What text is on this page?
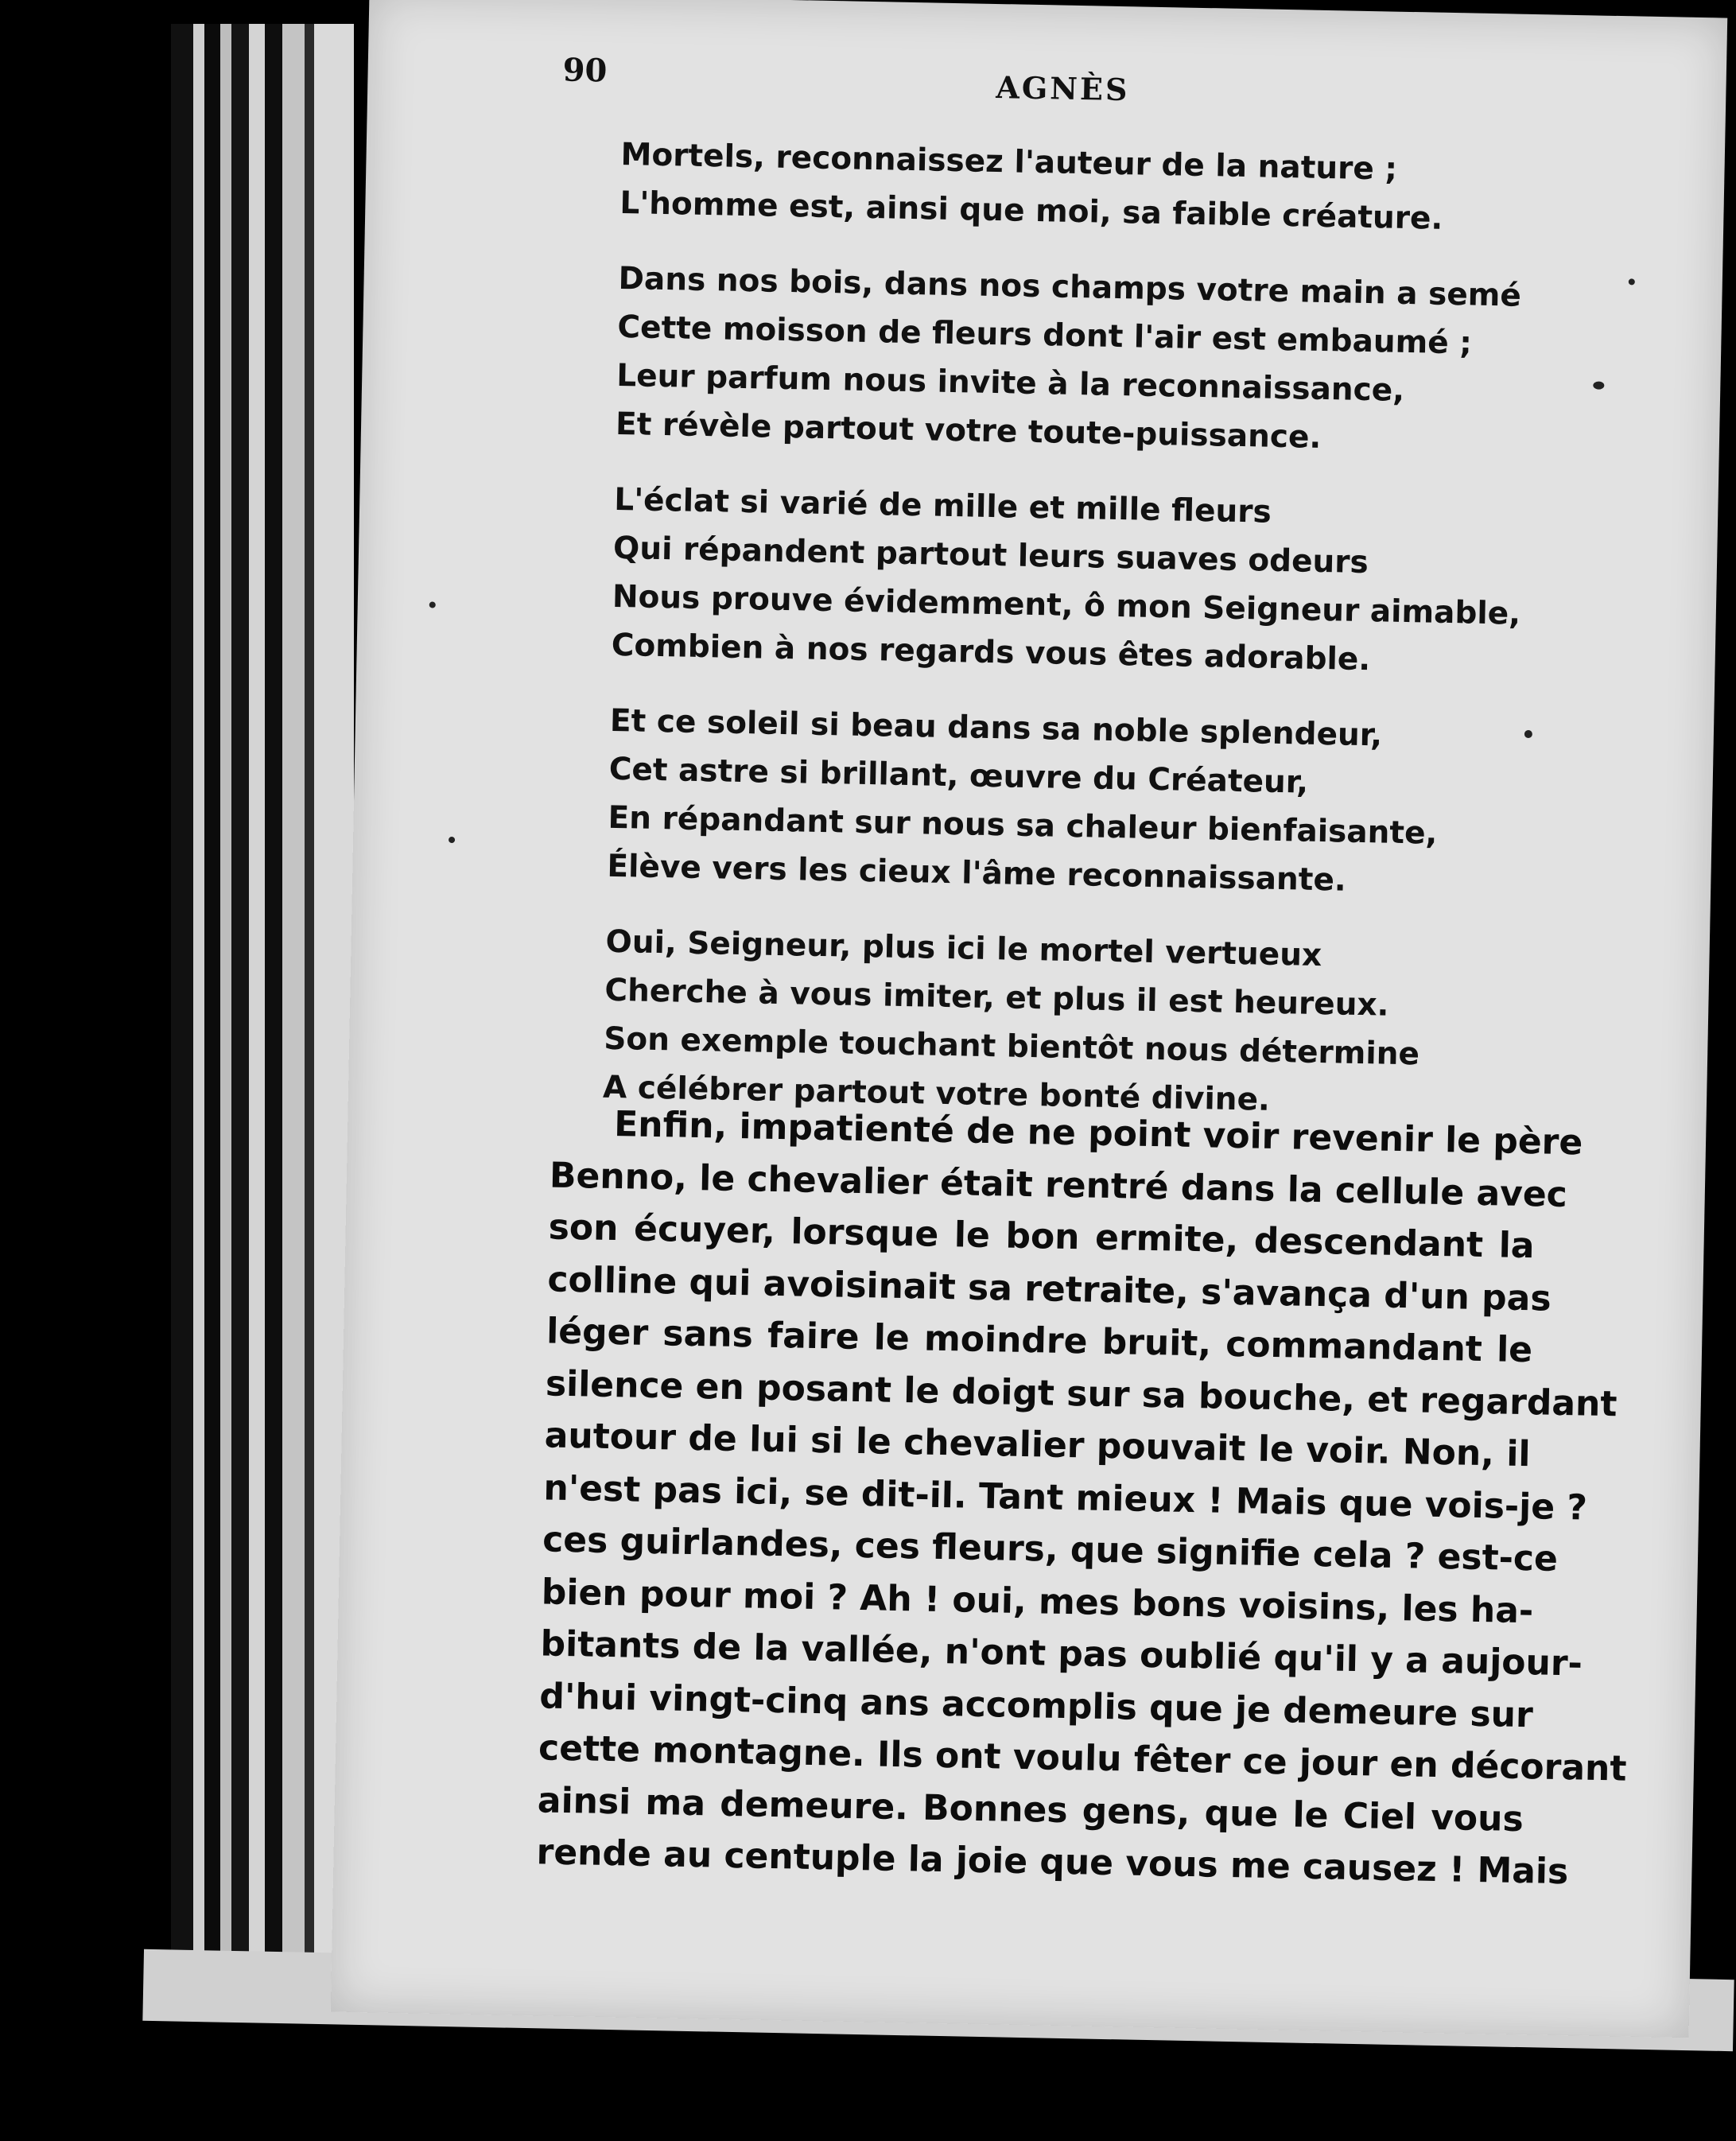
90	AGNÈS
Mortels, reconnaissez l'auteur de la nature ;
L'homme est, ainsi que moi, sa faible créature.
Dans nos bois, dans nos champs votre main a semé
Cette moisson de fleurs dont l'air est embaumé ;
Leur parfum nous invite à la reconnaissance,
Et révèle partout votre toute-puissance.
L'éclat si varié de mille et mille fleurs
Qui répandent partout leurs suaves odeurs
Nous prouve évidemment, ô mon Seigneur aimable,
Combien à nos regards vous êtes adorable.
Et ce soleil si beau dans sa noble splendeur,
Cet astre si brillant, œuvre du Créateur,
En répandant sur nous sa chaleur bienfaisante,
Élève vers les cieux l'âme reconnaissante.
Oui, Seigneur, plus ici le mortel vertueux
Cherche à vous imiter, et plus il est heureux.
Son exemple touchant bientôt nous détermine
A célébrer partout votre bonté divine.
Enfin, impatienté de ne point voir revenir le père
Benno, le chevalier était rentré dans la cellule avec
son écuyer, lorsque le bon ermite, descendant la
colline qui avoisinait sa retraite, s'avança d'un pas
léger sans faire le moindre bruit, commandant le
silence en posant le doigt sur sa bouche, et regardant
autour de lui si le chevalier pouvait le voir. Non, il
n'est pas ici, se dit-il. Tant mieux ! Mais que vois-je ?
ces guirlandes, ces fleurs, que signifie cela ? est-ce
bien pour moi ? Ah ! oui, mes bons voisins, les ha-
bitants de la vallée, n'ont pas oublié qu'il y a aujour-
d'hui vingt-cinq ans accomplis que je demeure sur
cette montagne. Ils ont voulu fêter ce jour en décorant
ainsi ma demeure. Bonnes gens, que le Ciel vous
rende au centuple la joie que vous me causez ! Mais
